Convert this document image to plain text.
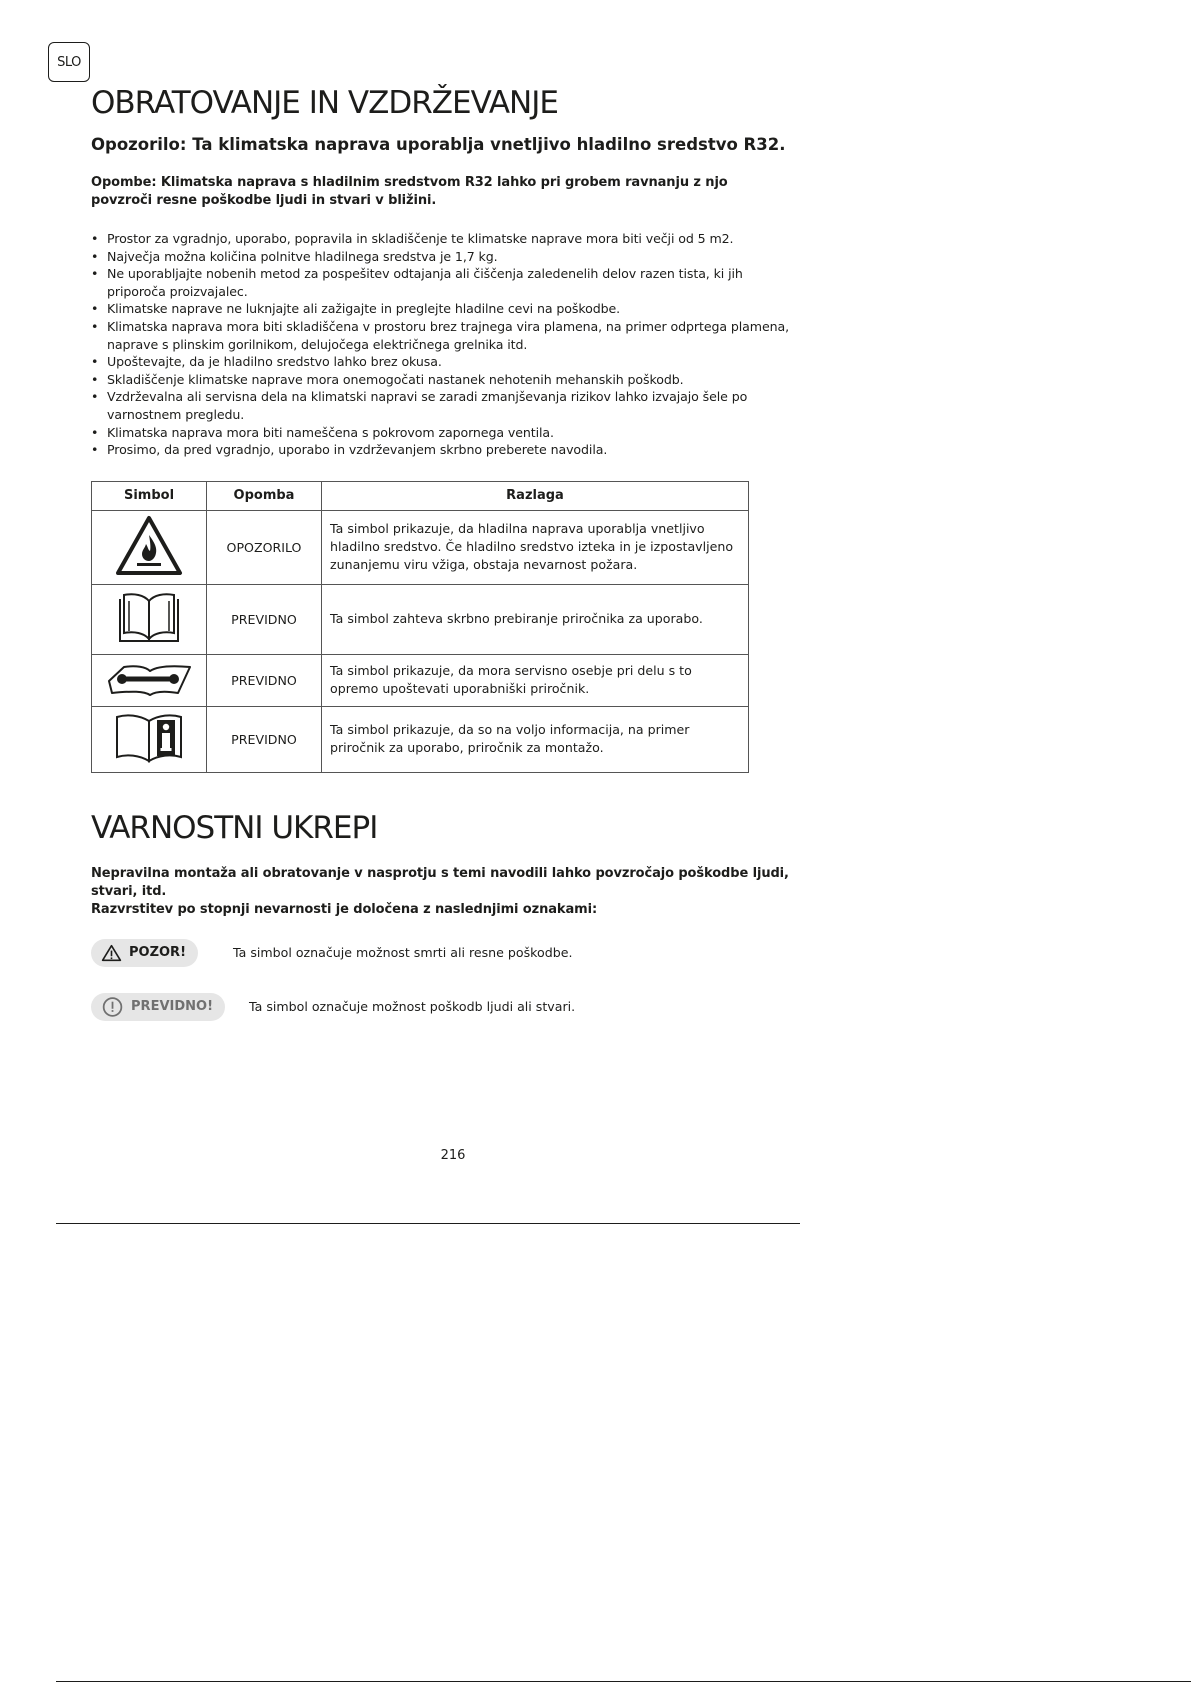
SLO
OBRATOVANJE IN VZDRŽEVANJE

Opozorilo: Ta klimatska naprava uporablja vnetljivo hladilno sredstvo R32.

Opombe: Klimatska naprava s hladilnim sredstvom R32 lahko pri grobem ravnanju z njo povzroči resne poškodbe ljudi in stvari v bližini.

• Prostor za vgradnjo, uporabo, popravila in skladiščenje te klimatske naprave mora biti večji od 5 m2.
• Največja možna količina polnitve hladilnega sredstva je 1,7 kg.
• Ne uporabljajte nobenih metod za pospešitev odtajanja ali čiščenja zaledenelih delov razen tista, ki jih priporoča proizvajalec.
• Klimatske naprave ne luknjajte ali zažigajte in preglejte hladilne cevi na poškodbe.
• Klimatska naprava mora biti skladiščena v prostoru brez trajnega vira plamena, na primer odprtega plamena, naprave s plinskim gorilnikom, delujočega električnega grelnika itd.
• Upoštevajte, da je hladilno sredstvo lahko brez okusa.
• Skladiščenje klimatske naprave mora onemogočati nastanek nehotenih mehanskih poškodb.
• Vzdrževalna ali servisna dela na klimatski napravi se zaradi zmanjševanja rizikov lahko izvajajo šele po varnostnem pregledu.
• Klimatska naprava mora biti nameščena s pokrovom zapornega ventila.
• Prosimo, da pred vgradnjo, uporabo in vzdrževanjem skrbno preberete navodila.
Simbol	Opomba	Razlaga
	OPOZORILO	Ta simbol prikazuje, da hladilna naprava uporablja vnetljivo hladilno sredstvo. Če hladilno sredstvo izteka in je izpostavljeno zunanjemu viru vžiga, obstaja nevarnost požara.
	PREVIDNO	Ta simbol zahteva skrbno prebiranje priročnika za uporabo.
	PREVIDNO	Ta simbol prikazuje, da mora servisno osebje pri delu s to opremo upoštevati uporabniški priročnik.
	PREVIDNO	Ta simbol prikazuje, da so na voljo informacija, na primer priročnik za uporabo, priročnik za montažo.
VARNOSTNI UKREPI

Nepravilna montaža ali obratovanje v nasprotju s temi navodili lahko povzročajo poškodbe ljudi, stvari, itd.
Razvrstitev po stopnji nevarnosti je določena z naslednjimi oznakami:

POZOR!	Ta simbol označuje možnost smrti ali resne poškodbe.
PREVIDNO!	Ta simbol označuje možnost poškodb ljudi ali stvari.
216
